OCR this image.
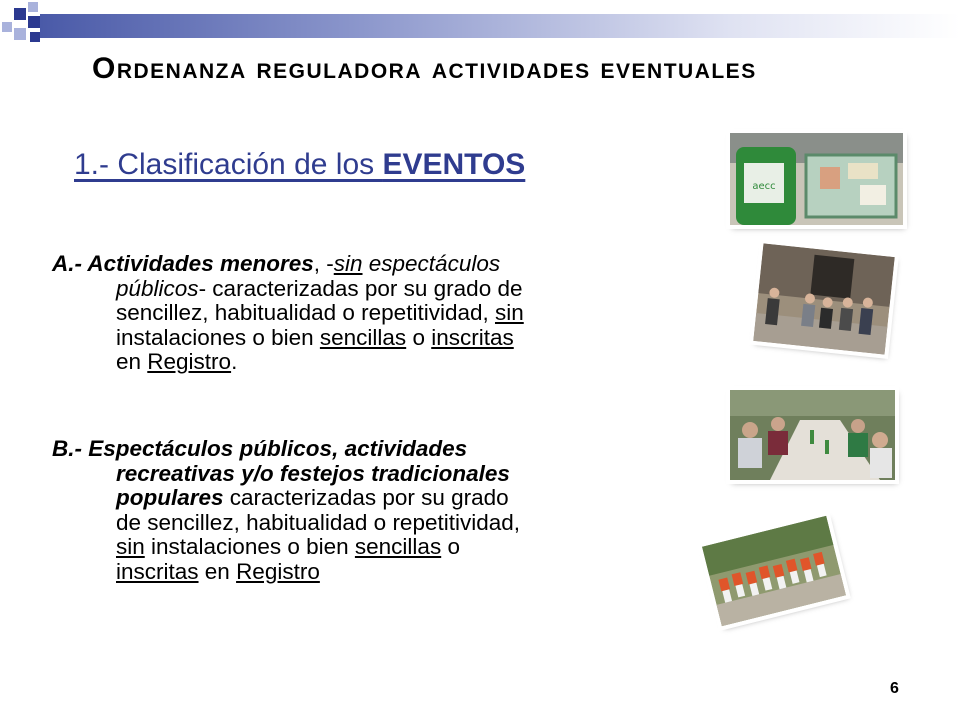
Ordenanza reguladora actividades eventuales
1.- Clasificación de los EVENTOS
A.- Actividades menores, -sin espectáculos
públicos- caracterizadas por su grado de
sencillez, habitualidad o repetitividad, sin
instalaciones o bien sencillas o inscritas
en Registro.
B.- Espectáculos públicos, actividades
recreativas y/o festejos tradicionales
populares caracterizadas por su grado
de sencillez, habitualidad o repetitividad,
sin instalaciones o bien sencillas o
inscritas en Registro
aecc
6
